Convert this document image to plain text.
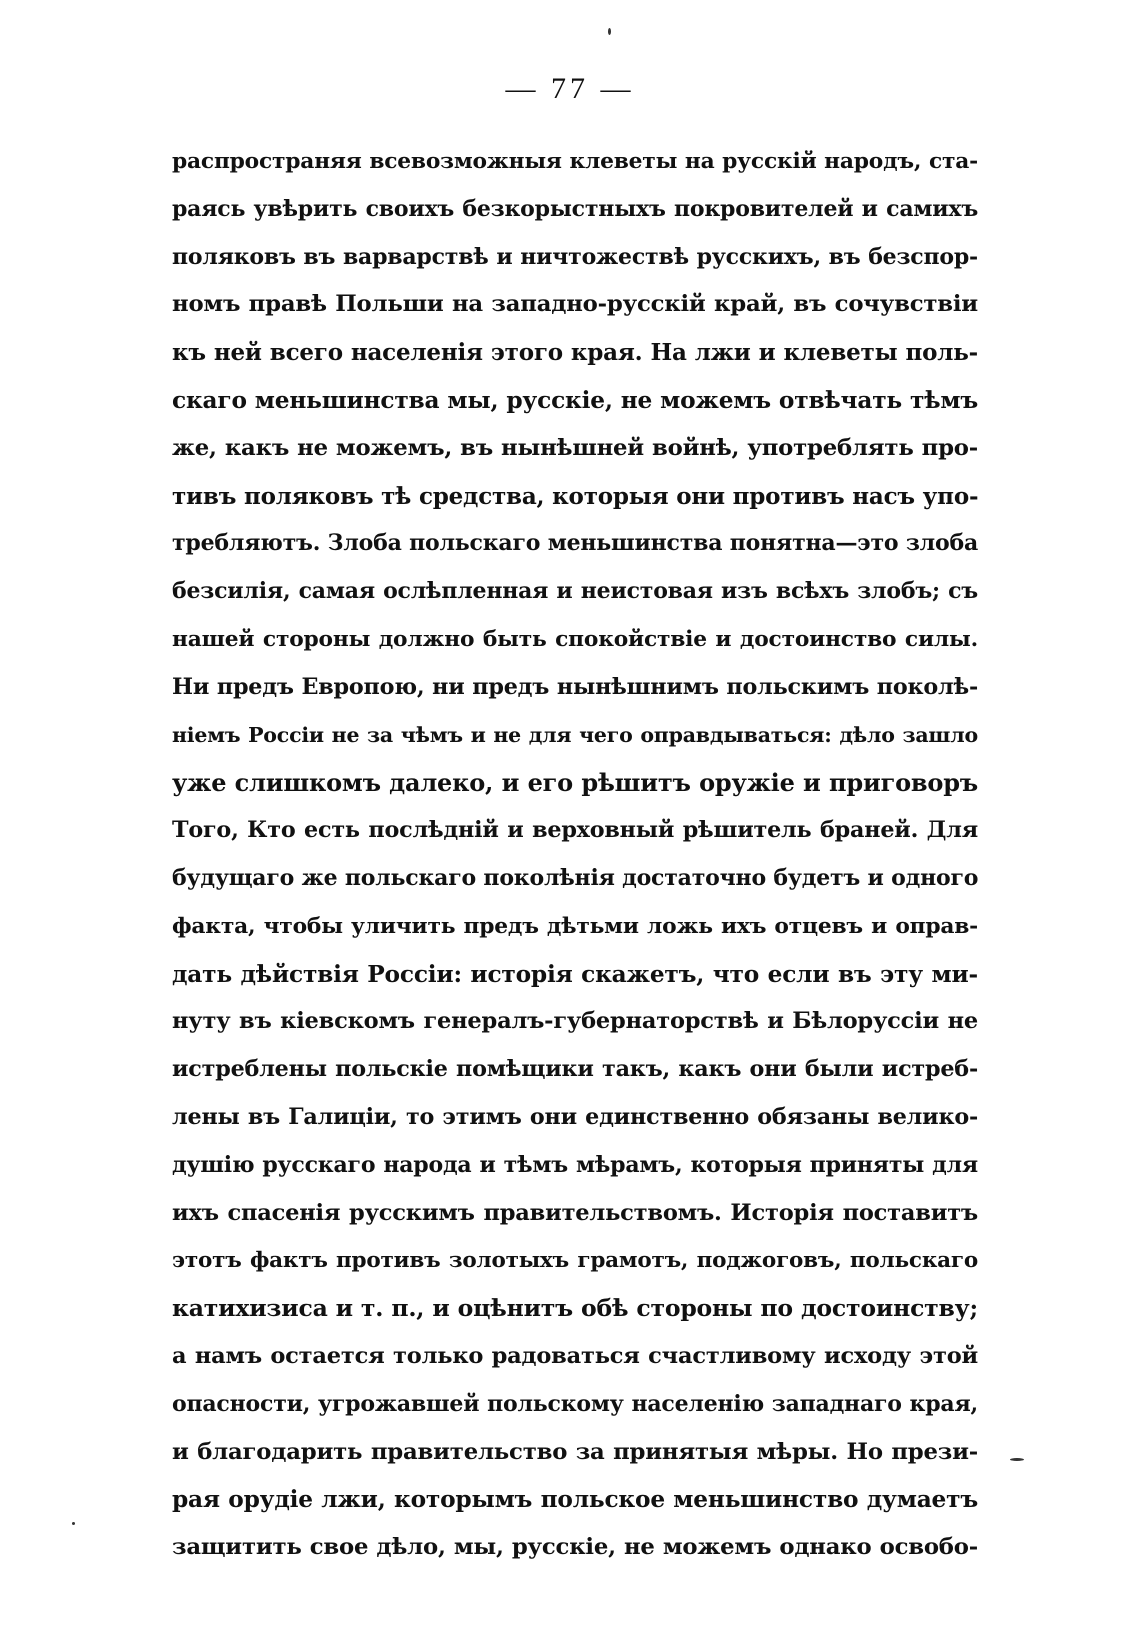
— 77 —
распространяя всевозможныя клеветы на русскій народъ, ста-
раясь увѣрить своихъ безкорыстныхъ покровителей и самихъ
поляковъ въ варварствѣ и ничтожествѣ русскихъ, въ безспор-
номъ правѣ Польши на западно-русскій край, въ сочувствіи
къ ней всего населенія этого края. На лжи и клеветы поль-
скаго меньшинства мы, русскіе, не можемъ отвѣчать тѣмъ
же, какъ не можемъ, въ нынѣшней войнѣ, употреблять про-
тивъ поляковъ тѣ средства, которыя они противъ насъ упо-
требляютъ. Злоба польскаго меньшинства понятна—это злоба
безсилія, самая ослѣпленная и неистовая изъ всѣхъ злобъ; съ
нашей стороны должно быть спокойствіе и достоинство силы.
Ни предъ Европою, ни предъ нынѣшнимъ польскимъ поколѣ-
ніемъ Россіи не за чѣмъ и не для чего оправдываться: дѣло зашло
уже слишкомъ далеко, и его рѣшитъ оружіе и приговоръ
Того, Кто есть послѣдній и верховный рѣшитель браней. Для
будущаго же польскаго поколѣнія достаточно будетъ и одного
факта, чтобы уличить предъ дѣтьми ложь ихъ отцевъ и оправ-
дать дѣйствія Россіи: исторія скажетъ, что если въ эту ми-
нуту въ кіевскомъ генералъ-губернаторствѣ и Бѣлоруссіи не
истреблены польскіе помѣщики такъ, какъ они были истреб-
лены въ Галиціи, то этимъ они единственно обязаны велико-
душію русскаго народа и тѣмъ мѣрамъ, которыя приняты для
ихъ спасенія русскимъ правительствомъ. Исторія поставитъ
этотъ фактъ противъ золотыхъ грамотъ, поджоговъ, польскаго
катихизиса и т. п., и оцѣнитъ обѣ стороны по достоинству;
а намъ остается только радоваться счастливому исходу этой
опасности, угрожавшей польскому населенію западнаго края,
и благодарить правительство за принятыя мѣры. Но прези-
рая орудіе лжи, которымъ польское меньшинство думаетъ
защитить свое дѣло, мы, русскіе, не можемъ однако освобо-
